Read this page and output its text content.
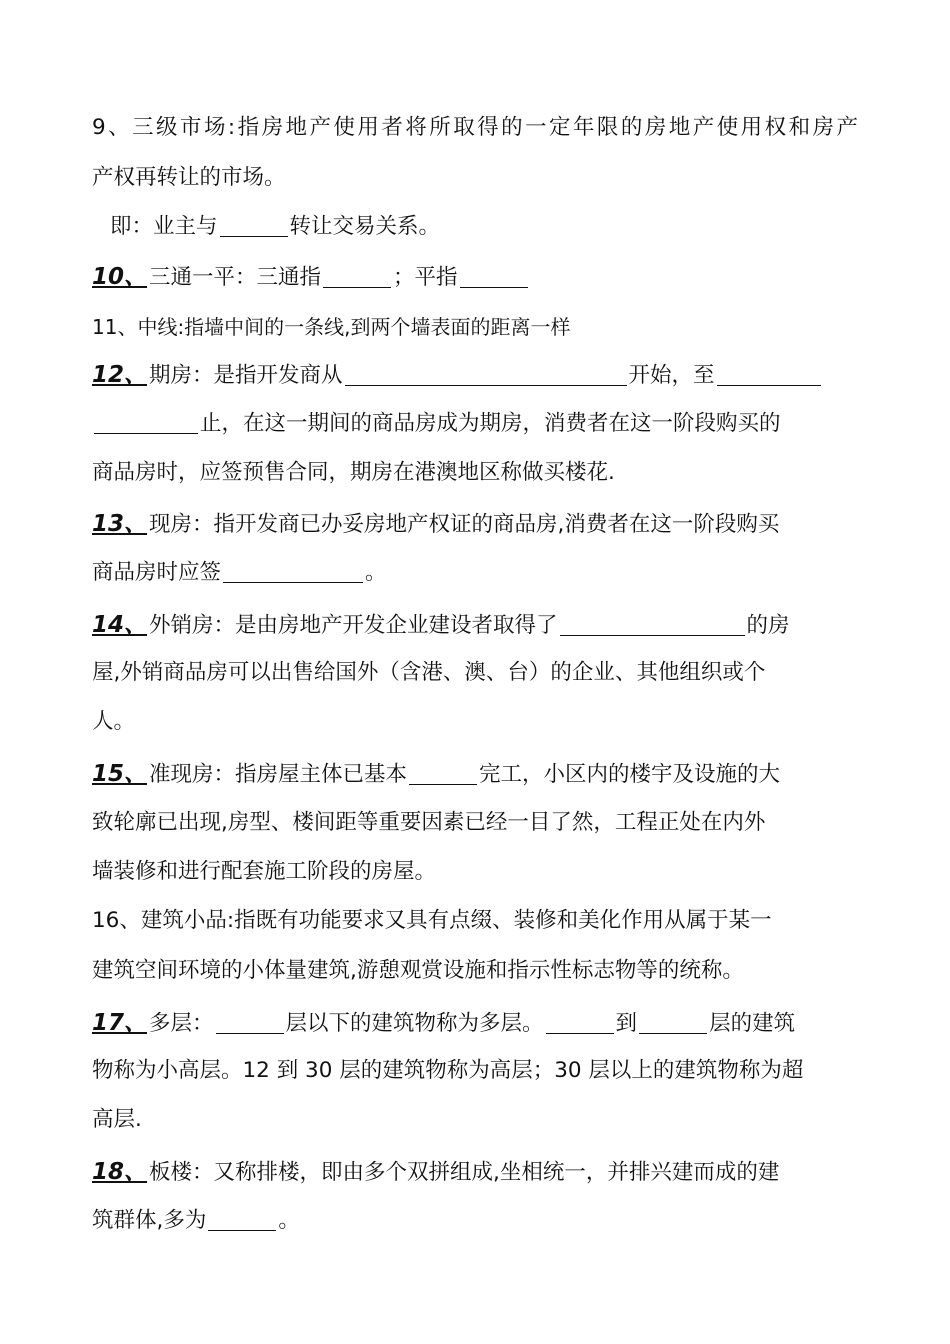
9、三级市场:指房地产使用者将所取得的一定年限的房地产使用权和房产
产权再转让的市场。
即：业主与	转让交易关系。
10、三通一平：三通指	；平指
11、中线:指墙中间的一条线,到两个墙表面的距离一样
12、期房：是指开发商从	开始，至
止，在这一期间的商品房成为期房，消费者在这一阶段购买的
商品房时，应签预售合同，期房在港澳地区称做买楼花.
13、现房：指开发商已办妥房地产权证的商品房,消费者在这一阶段购买
商品房时应签	。
14、外销房：是由房地产开发企业建设者取得了	的房
屋,外销商品房可以出售给国外（含港、澳、台）的企业、其他组织或个
人。
15、准现房：指房屋主体已基本	完工，小区内的楼宇及设施的大
致轮廓已出现,房型、楼间距等重要因素已经一目了然，工程正处在内外
墙装修和进行配套施工阶段的房屋。
16、建筑小品:指既有功能要求又具有点缀、装修和美化作用从属于某一
建筑空间环境的小体量建筑,游憩观赏设施和指示性标志物等的统称。
17、多层：	层以下的建筑物称为多层。	到	层的建筑
物称为小高层。12 到 30 层的建筑物称为高层；30 层以上的建筑物称为超
高层.
18、板楼：又称排楼，即由多个双拼组成,坐相统一，并排兴建而成的建
筑群体,多为	。
